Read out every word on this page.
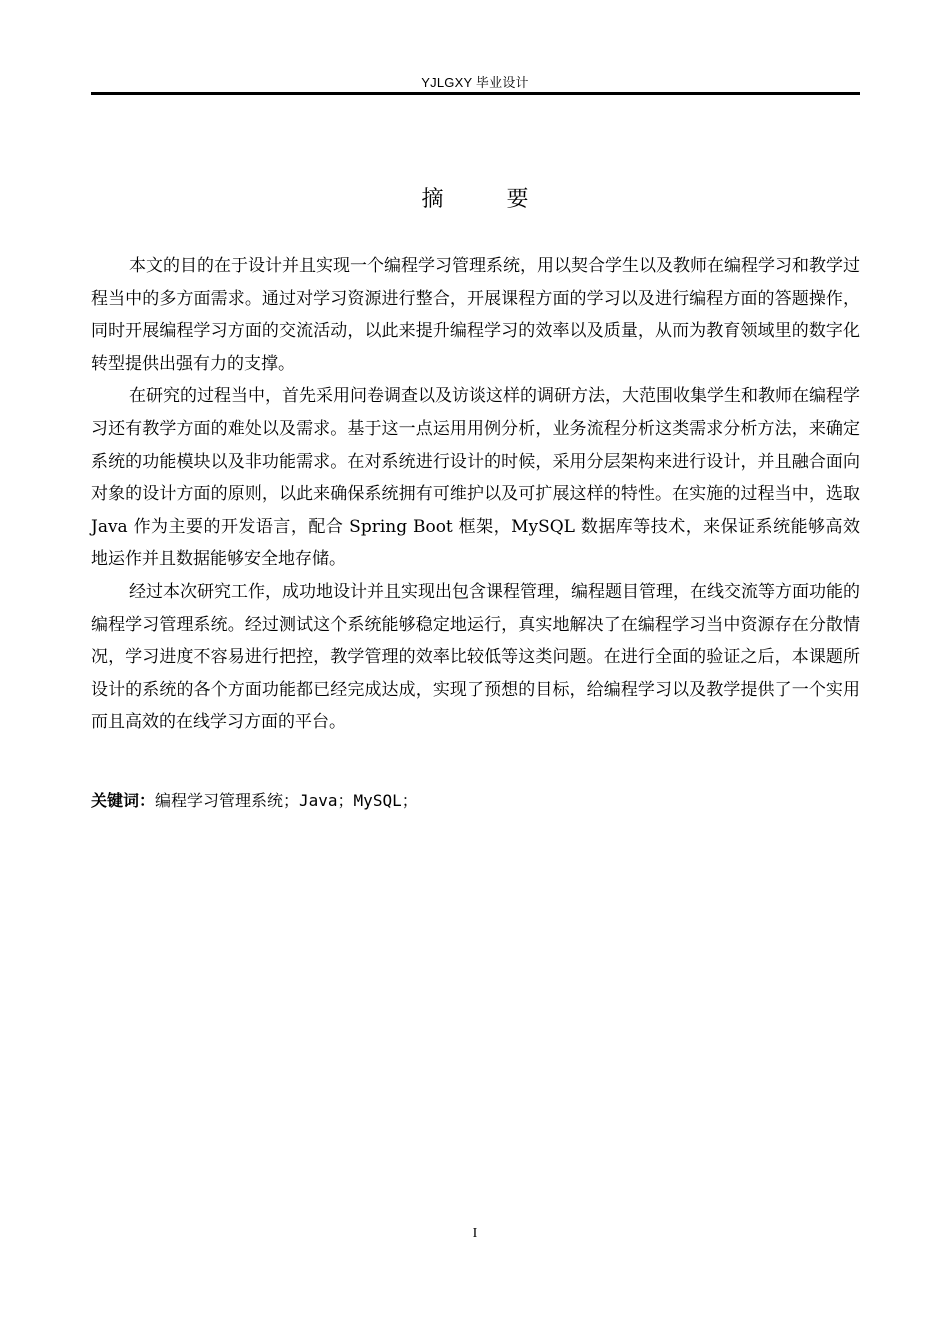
YJLGXY 毕业设计
摘 要

本文的目的在于设计并且实现一个编程学习管理系统，用以契合学生以及教师在编程学习和教学过程当中的多方面需求。通过对学习资源进行整合，开展课程方面的学习以及进行编程方面的答题操作，同时开展编程学习方面的交流活动，以此来提升编程学习的效率以及质量，从而为教育领域里的数字化转型提供出强有力的支撑。

在研究的过程当中，首先采用问卷调查以及访谈这样的调研方法，大范围收集学生和教师在编程学习还有教学方面的难处以及需求。基于这一点运用用例分析，业务流程分析这类需求分析方法，来确定系统的功能模块以及非功能需求。在对系统进行设计的时候，采用分层架构来进行设计，并且融合面向对象的设计方面的原则，以此来确保系统拥有可维护以及可扩展这样的特性。在实施的过程当中，选取 Java 作为主要的开发语言，配合 Spring Boot 框架，MySQL 数据库等技术，来保证系统能够高效地运作并且数据能够安全地存储。

经过本次研究工作，成功地设计并且实现出包含课程管理，编程题目管理，在线交流等方面功能的编程学习管理系统。经过测试这个系统能够稳定地运行，真实地解决了在编程学习当中资源存在分散情况，学习进度不容易进行把控，教学管理的效率比较低等这类问题。在进行全面的验证之后，本课题所设计的系统的各个方面功能都已经完成达成，实现了预想的目标，给编程学习以及教学提供了一个实用而且高效的在线学习方面的平台。

关键词：编程学习管理系统；Java；MySQL；
I
